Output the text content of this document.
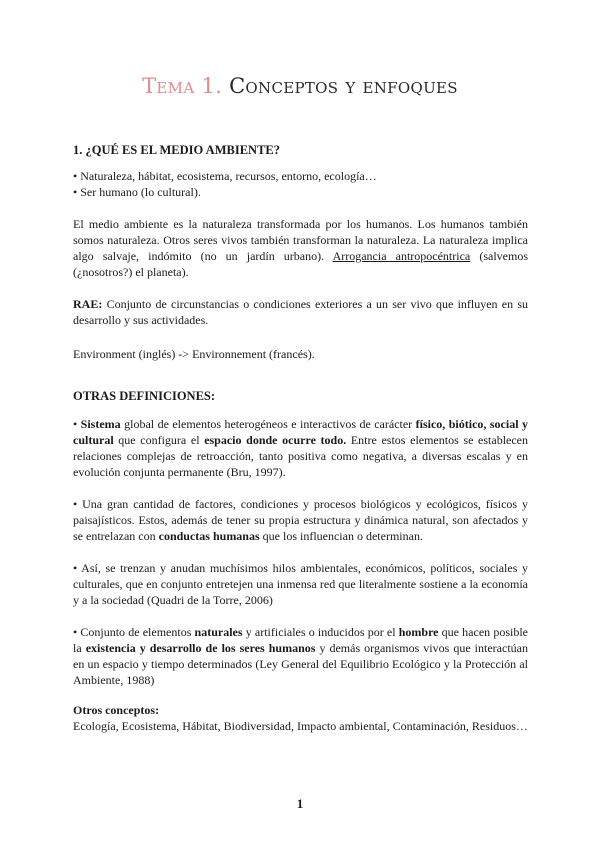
Tema 1. Conceptos y enfoques

1. ¿QUÉ ES EL MEDIO AMBIENTE?

• Naturaleza, hábitat, ecosistema, recursos, entorno, ecología…

• Ser humano (lo cultural).

El medio ambiente es la naturaleza transformada por los humanos. Los humanos también somos naturaleza. Otros seres vivos también transforman la naturaleza. La naturaleza implica algo salvaje, indómito (no un jardín urbano). Arrogancia antropocéntrica (salvemos (¿nosotros?) el planeta).

RAE: Conjunto de circunstancias o condiciones exteriores a un ser vivo que influyen en su desarrollo y sus actividades.

Environment (inglés) -> Environnement (francés).

OTRAS DEFINICIONES:

• Sistema global de elementos heterogéneos e interactivos de carácter físico, biótico, social y cultural que configura el espacio donde ocurre todo. Entre estos elementos se establecen relaciones complejas de retroacción, tanto positiva como negativa, a diversas escalas y en evolución conjunta permanente (Bru, 1997).

• Una gran cantidad de factores, condiciones y procesos biológicos y ecológicos, físicos y paisajísticos. Estos, además de tener su propia estructura y dinámica natural, son afectados y se entrelazan con conductas humanas que los influencian o determinan.

• Así, se trenzan y anudan muchísimos hilos ambientales, económicos, políticos, sociales y culturales, que en conjunto entretejen una inmensa red que literalmente sostiene a la economía y a la sociedad (Quadri de la Torre, 2006)

• Conjunto de elementos naturales y artificiales o inducidos por el hombre que hacen posible la existencia y desarrollo de los seres humanos y demás organismos vivos que interactúan en un espacio y tiempo determinados (Ley General del Equilibrio Ecológico y la Protección al Ambiente, 1988)

Otros conceptos:

Ecología, Ecosistema, Hábitat, Biodiversidad, Impacto ambiental, Contaminación, Residuos…

1
